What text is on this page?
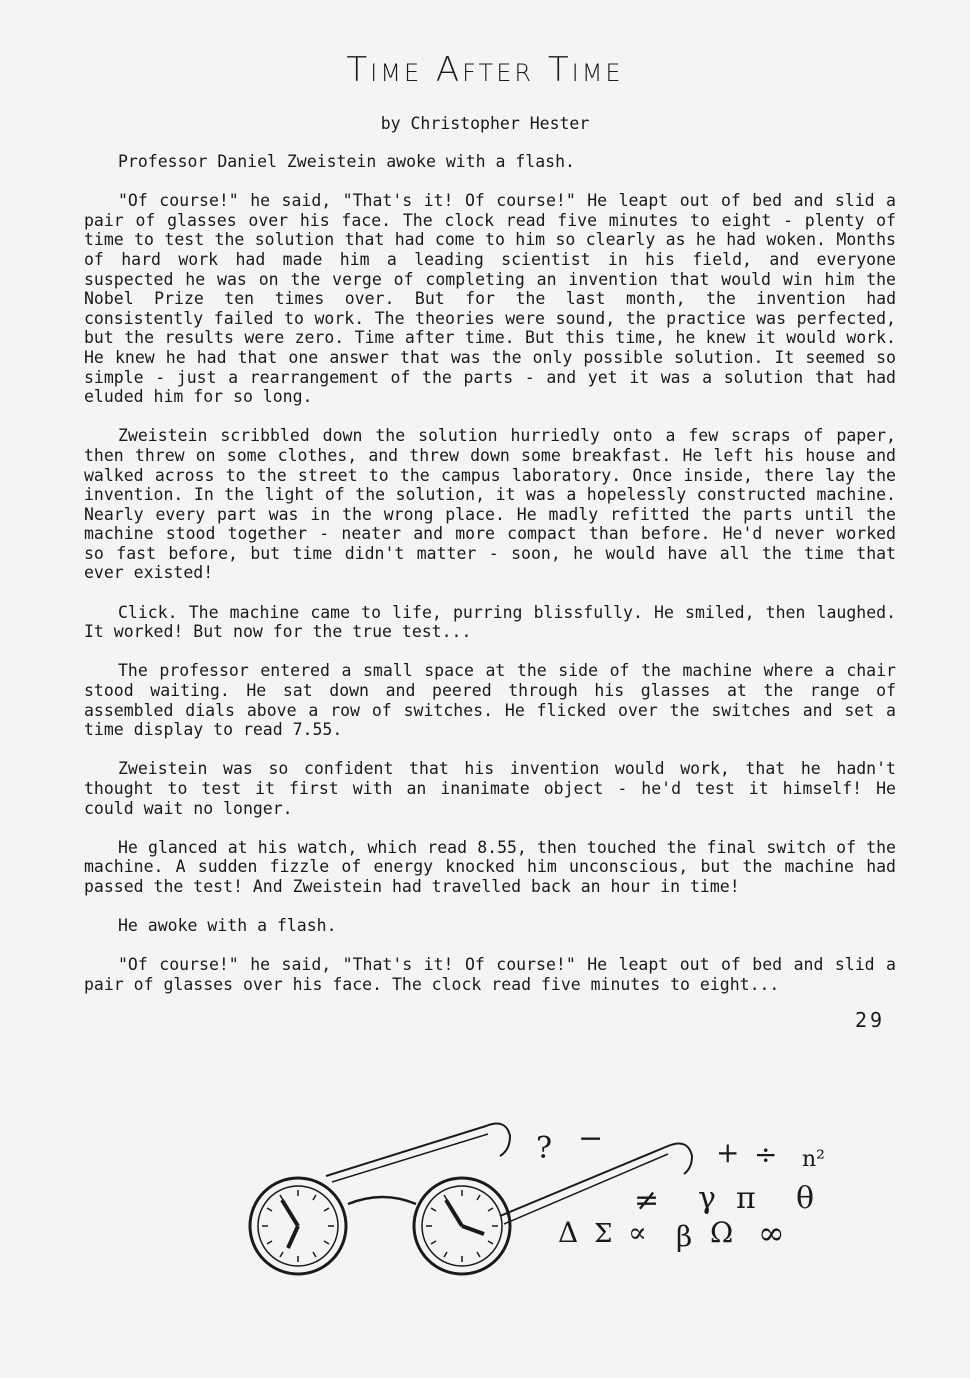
Time After Time
by Christopher Hester

Professor Daniel Zweistein awoke with a flash.

"Of course!" he said, "That's it! Of course!" He leapt out of bed and slid a pair of glasses over his face. The clock read five minutes to eight - plenty of time to test the solution that had come to him so clearly as he had woken. Months of hard work had made him a leading scientist in his field, and everyone suspected he was on the verge of completing an invention that would win him the Nobel Prize ten times over. But for the last month, the invention had consistently failed to work. The theories were sound, the practice was perfected, but the results were zero. Time after time. But this time, he knew it would work. He knew he had that one answer that was the only possible solution. It seemed so simple - just a rearrangement of the parts - and yet it was a solution that had eluded him for so long.

Zweistein scribbled down the solution hurriedly onto a few scraps of paper, then threw on some clothes, and threw down some breakfast. He left his house and walked across to the street to the campus laboratory. Once inside, there lay the invention. In the light of the solution, it was a hopelessly constructed machine. Nearly every part was in the wrong place. He madly refitted the parts until the machine stood together - neater and more compact than before. He'd never worked so fast before, but time didn't matter - soon, he would have all the time that ever existed!

Click. The machine came to life, purring blissfully. He smiled, then laughed. It worked! But now for the true test...

The professor entered a small space at the side of the machine where a chair stood waiting. He sat down and peered through his glasses at the range of assembled dials above a row of switches. He flicked over the switches and set a time display to read 7.55.

Zweistein was so confident that his invention would work, that he hadn't thought to test it first with an inanimate object - he'd test it himself! He could wait no longer.

He glanced at his watch, which read 8.55, then touched the final switch of the machine. A sudden fizzle of energy knocked him unconscious, but the machine had passed the test! And Zweistein had travelled back an hour in time!

He awoke with a flash.

"Of course!" he said, "That's it! Of course!" He leapt out of bed and slid a pair of glasses over his face. The clock read five minutes to eight...

? −	+ ÷ n²
≠ γ π θ
Δ Σ ∝ β Ω ∞
29
